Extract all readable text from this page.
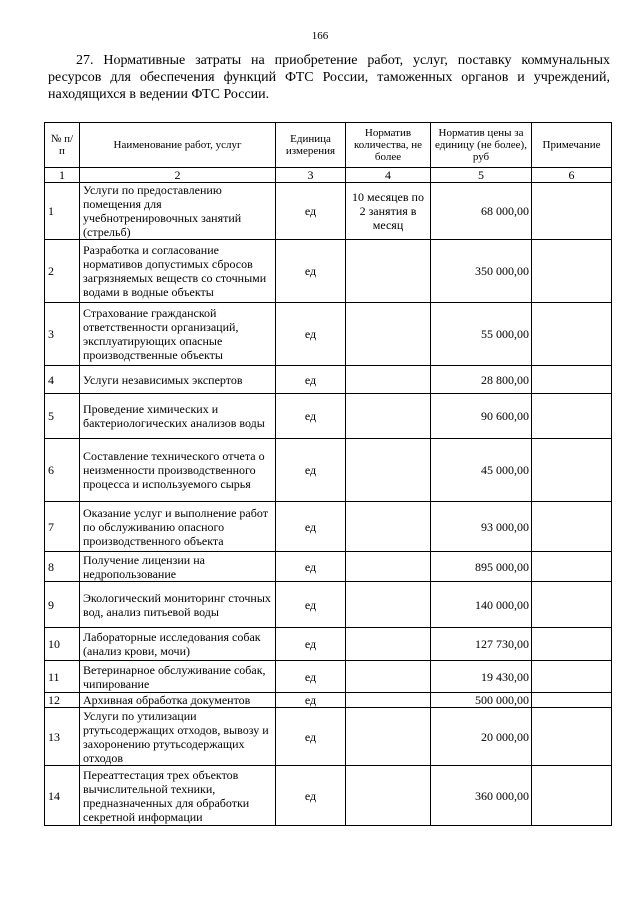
166
27. Нормативные затраты на приобретение работ, услуг, поставку коммунальных ресурсов для обеспечения функций ФТС России, таможенных органов и учреждений, находящихся в ведении ФТС России.
№ п/п	Наименование работ, услуг	Единица измерения	Норматив количества, не более	Норматив цены за единицу (не более), руб	Примечание
1	2	3	4	5	6
1	Услуги по предоставлению помещения для учебнотренировочных занятий (стрельб)	ед	10 месяцев по 2 занятия в месяц	68 000,00	
2	Разработка и согласование нормативов допустимых сбросов загрязняемых веществ со сточными водами в водные объекты	ед		350 000,00	
3	Страхование гражданской ответственности организаций, эксплуатирующих опасные производственные объекты	ед		55 000,00	
4	Услуги независимых экспертов	ед		28 800,00	
5	Проведение химических и бактериологических анализов воды	ед		90 600,00	
6	Составление технического отчета о неизменности производственного процесса и используемого сырья	ед		45 000,00	
7	Оказание услуг и выполнение работ по обслуживанию опасного производственного объекта	ед		93 000,00	
8	Получение лицензии на недропользование	ед		895 000,00	
9	Экологический мониторинг сточных вод, анализ питьевой воды	ед		140 000,00	
10	Лабораторные исследования собак (анализ крови, мочи)	ед		127 730,00	
11	Ветеринарное обслуживание собак, чипирование	ед		19 430,00	
12	Архивная обработка документов	ед		500 000,00	
13	Услуги по утилизации ртутьсодержащих отходов, вывозу и захоронению ртутьсодержащих отходов	ед		20 000,00	
14	Переаттестация трех объектов вычислительной техники, предназначенных для обработки секретной информации	ед		360 000,00	
